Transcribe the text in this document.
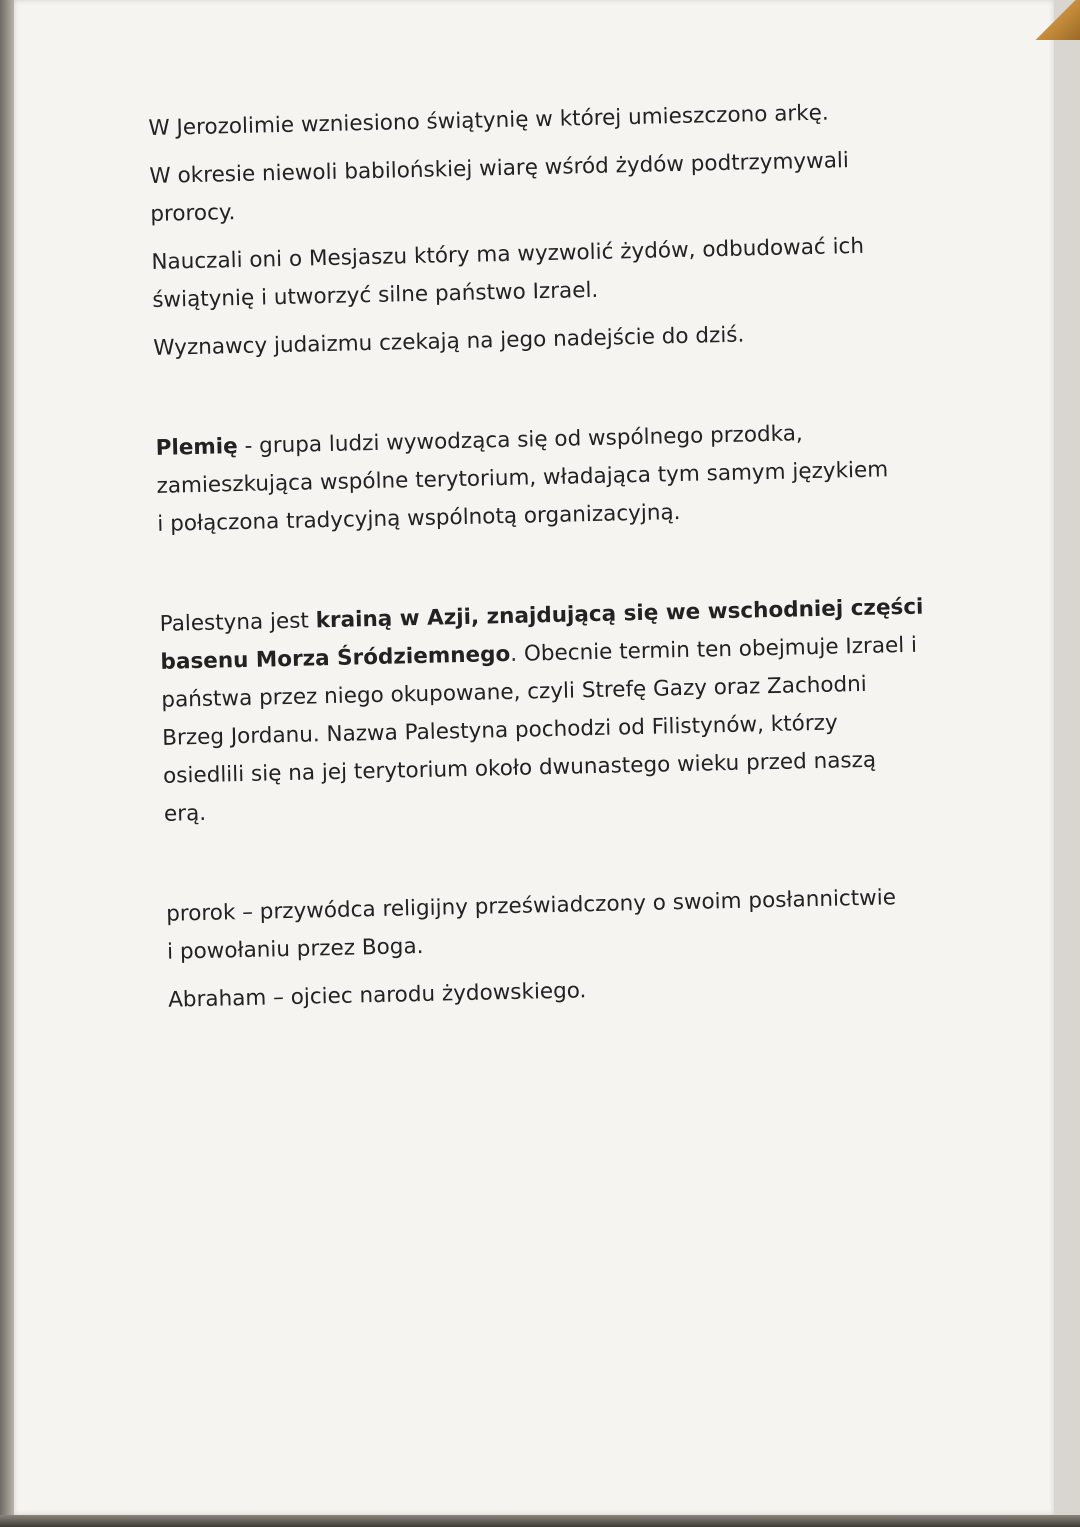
W Jerozolimie wzniesiono świątynię w której umieszczono arkę.

W okresie niewoli babilońskiej wiarę wśród żydów podtrzymywali

prorocy.

Nauczali oni o Mesjaszu który ma wyzwolić żydów, odbudować ich

świątynię i utworzyć silne państwo Izrael.

Wyznawcy judaizmu czekają na jego nadejście do dziś.

Plemię - grupa ludzi wywodząca się od wspólnego przodka,

zamieszkująca wspólne terytorium, władająca tym samym językiem

i połączona tradycyjną wspólnotą organizacyjną.

Palestyna jest krainą w Azji, znajdującą się we wschodniej części

basenu Morza Śródziemnego. Obecnie termin ten obejmuje Izrael i

państwa przez niego okupowane, czyli Strefę Gazy oraz Zachodni

Brzeg Jordanu. Nazwa Palestyna pochodzi od Filistynów, którzy

osiedlili się na jej terytorium około dwunastego wieku przed naszą

erą.

prorok – przywódca religijny przeświadczony o swoim posłannictwie

i powołaniu przez Boga.

Abraham – ojciec narodu żydowskiego.
